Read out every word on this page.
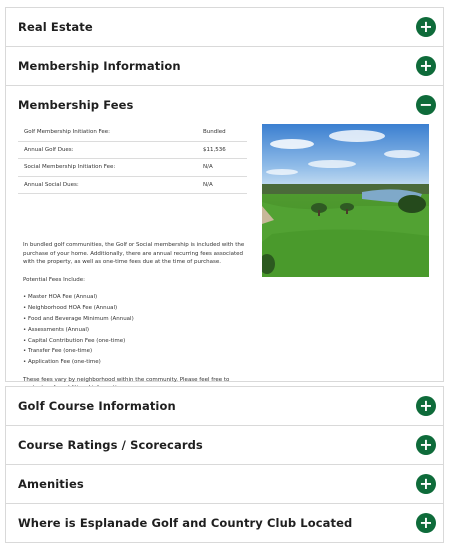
Real Estate	+
Membership Information	+
Membership Fees	−
Golf Membership Initiation Fee:	Bundled
Annual Golf Dues:	$11,536
Social Membership Initiation Fee:	N/A
Annual Social Dues:	N/A

In bundled golf communities, the Golf or Social membership is included with the purchase of your home. Additionally, there are annual recurring fees associated with the property, as well as one-time fees due at the time of purchase.

Potential Fees Include:

• Master HOA Fee (Annual)
• Neighborhood HOA Fee (Annual)
• Food and Beverage Minimum (Annual)
• Assessments (Annual)
• Capital Contribution Fee (one-time)
• Transfer Fee (one-time)
• Application Fee (one-time)

These fees vary by neighborhood within the community. Please feel free to

Golf Course Information	+
Course Ratings / Scorecards	+
Amenities	+
Where is Esplanade Golf and Country Club Located	+
